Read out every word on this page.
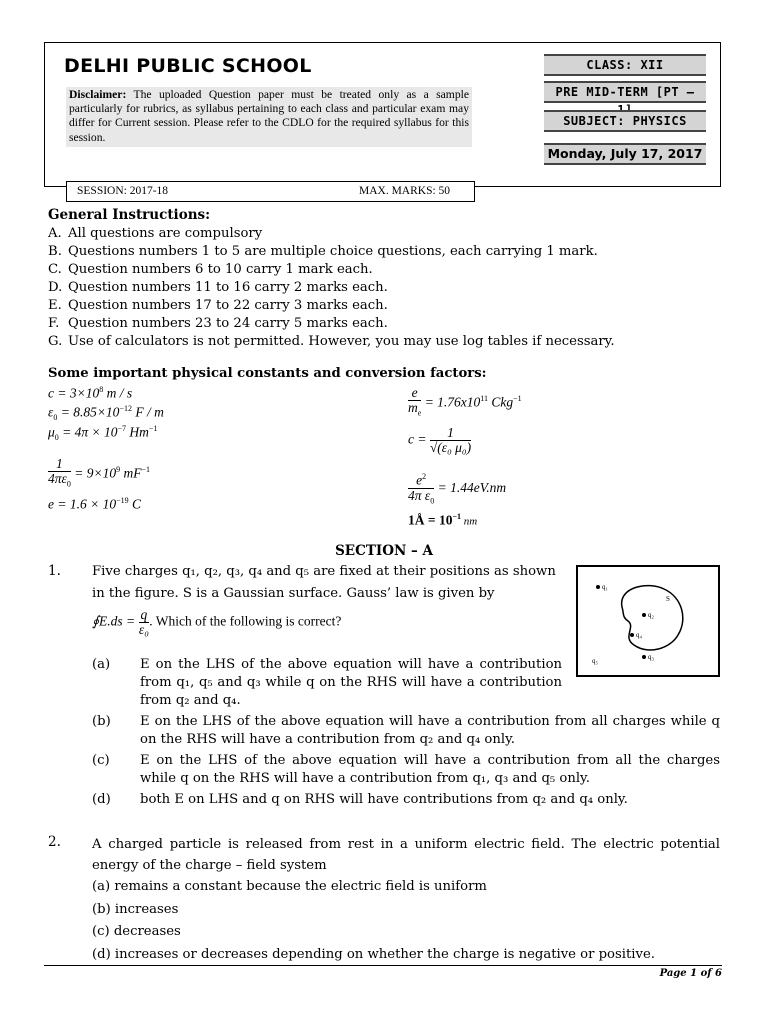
DELHI PUBLIC SCHOOL
Disclaimer: The uploaded Question paper must be treated only as a sample particularly for rubrics, as syllabus pertaining to each class and particular exam may differ for Current session. Please refer to the CDLO for the required syllabus for this session.
CLASS: XII
PRE MID-TERM [PT –
SUBJECT: PHYSICS
Monday, July 17, 2017
SESSION: 2017-18	MAX. MARKS: 50
General Instructions:
A. All questions are compulsory
B. Questions numbers 1 to 5 are multiple choice questions, each carrying 1 mark.
C. Question numbers 6 to 10 carry 1 mark each.
D. Question numbers 11 to 16 carry 2 marks each.
E. Question numbers 17 to 22 carry 3 marks each.
F. Question numbers 23 to 24 carry 5 marks each.
G. Use of calculators is not permitted. However, you may use log tables if necessary.
Some important physical constants and conversion factors:
$c = 3\times 10^8$ m / s
$\varepsilon_0 = 8.85\times 10^{-12}$ F / m
$\mu_0 = 4\pi \times 10^{-7}$ $Hm^{-1}$
$\frac{1}{4\pi\varepsilon_0} = 9\times 10^9$ $mF^{-1}$
$e = 1.6 \times 10^{-19}$ C
$\frac{e}{m_e} = 1.76x10^{11}$ Ckg$^{-1}$
$c = \frac{1}{\text{√(ε₀ μ₀)}}$
$\frac{e^2}{4\pi \varepsilon_0} = 1.44eV.nm$
1Å = $10^{-1}$ nm
SECTION – A
1. Five charges q₁, q₂, q₃, q₄ and q₅ are fixed at their positions as shown
in the figure. S is a Gaussian surface. Gauss’ law is given by
∮E.ds = $\frac{q}{\text{ε₀}}$ . Which of the following is correct?
q₁
S
q₂
q₄
q₃
q₅
(a) E on the LHS of the above equation will have a contribution from q₁, q₅ and q₃ while q on the RHS will have a contribution from q₂ and q₄.
(b) E on the LHS of the above equation will have a contribution from all charges while q on the RHS will have a contribution from q₂ and q₄ only.
(c) E on the LHS of the above equation will have a contribution from all the charges while q on the RHS will have a contribution from q₁, q₃ and q₅ only.
(d) both E on LHS and q on RHS will have contributions from q₂ and q₄ only.
2. A charged particle is released from rest in a uniform electric field. The electric potential energy of the charge – field system
(a) remains a constant because the electric field is uniform
(b) increases
(c) decreases
(d) increases or decreases depending on whether the charge is negative or positive.
Page 1 of 6
